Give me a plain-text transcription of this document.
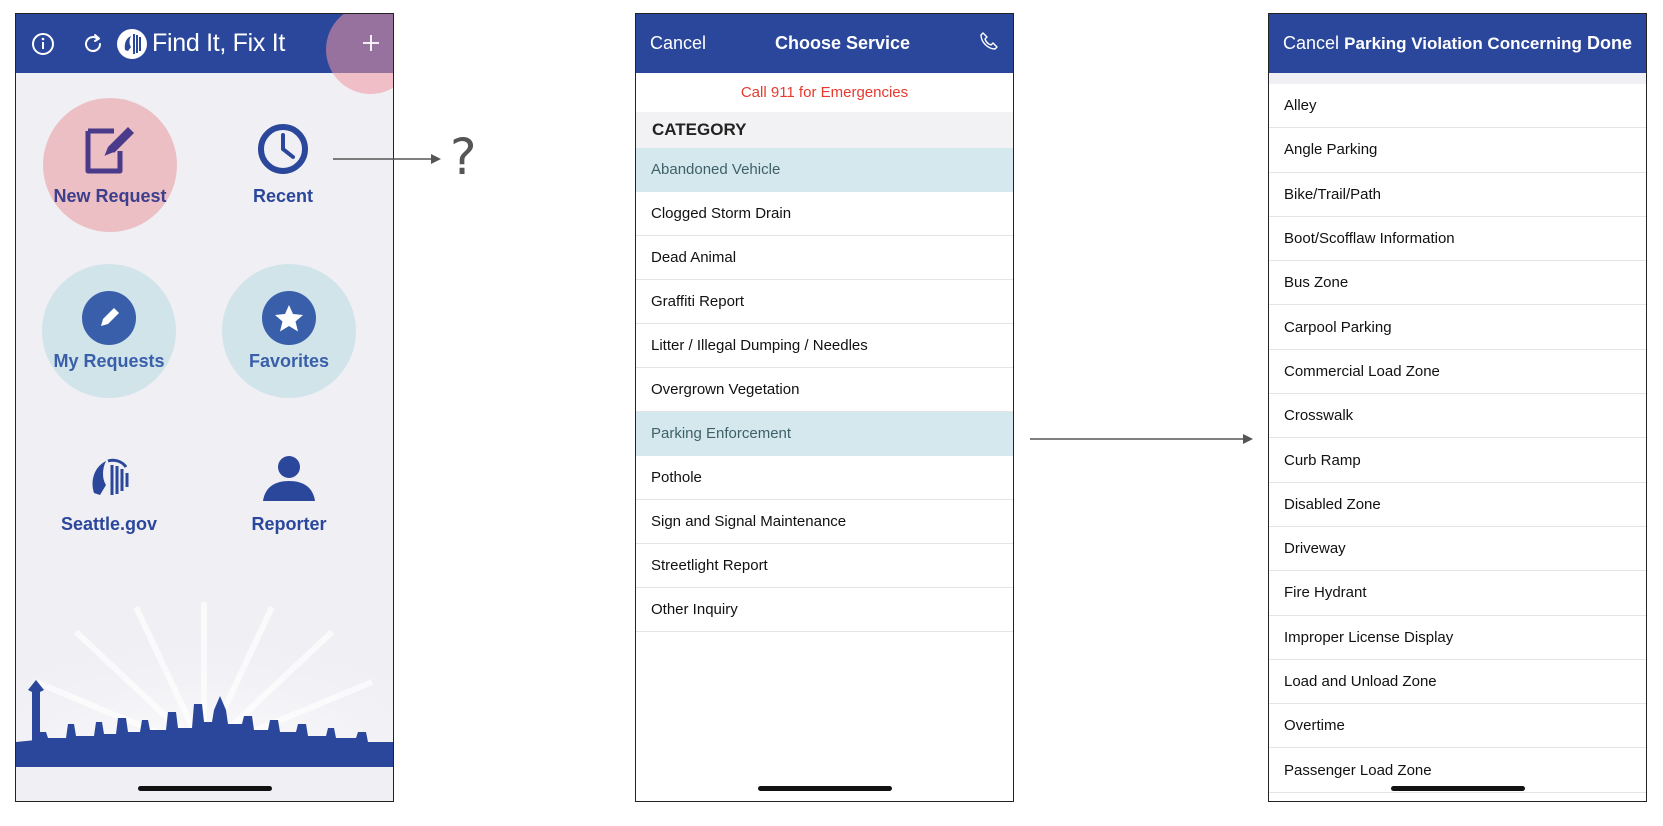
Find It, Fix It
New Request	Recent
My Requests	Favorites
Seattle.gov	Reporter
?
Cancel	Choose Service
Call 911 for Emergencies
CATEGORY
Abandoned Vehicle
Clogged Storm Drain
Dead Animal
Graffiti Report
Litter / Illegal Dumping / Needles
Overgrown Vegetation
Parking Enforcement
Pothole
Sign and Signal Maintenance
Streetlight Report
Other Inquiry
Cancel Parking Violation Concerning Done
Alley
Angle Parking
Bike/Trail/Path
Boot/Scofflaw Information
Bus Zone
Carpool Parking
Commercial Load Zone
Crosswalk
Curb Ramp
Disabled Zone
Driveway
Fire Hydrant
Improper License Display
Load and Unload Zone
Overtime
Passenger Load Zone
